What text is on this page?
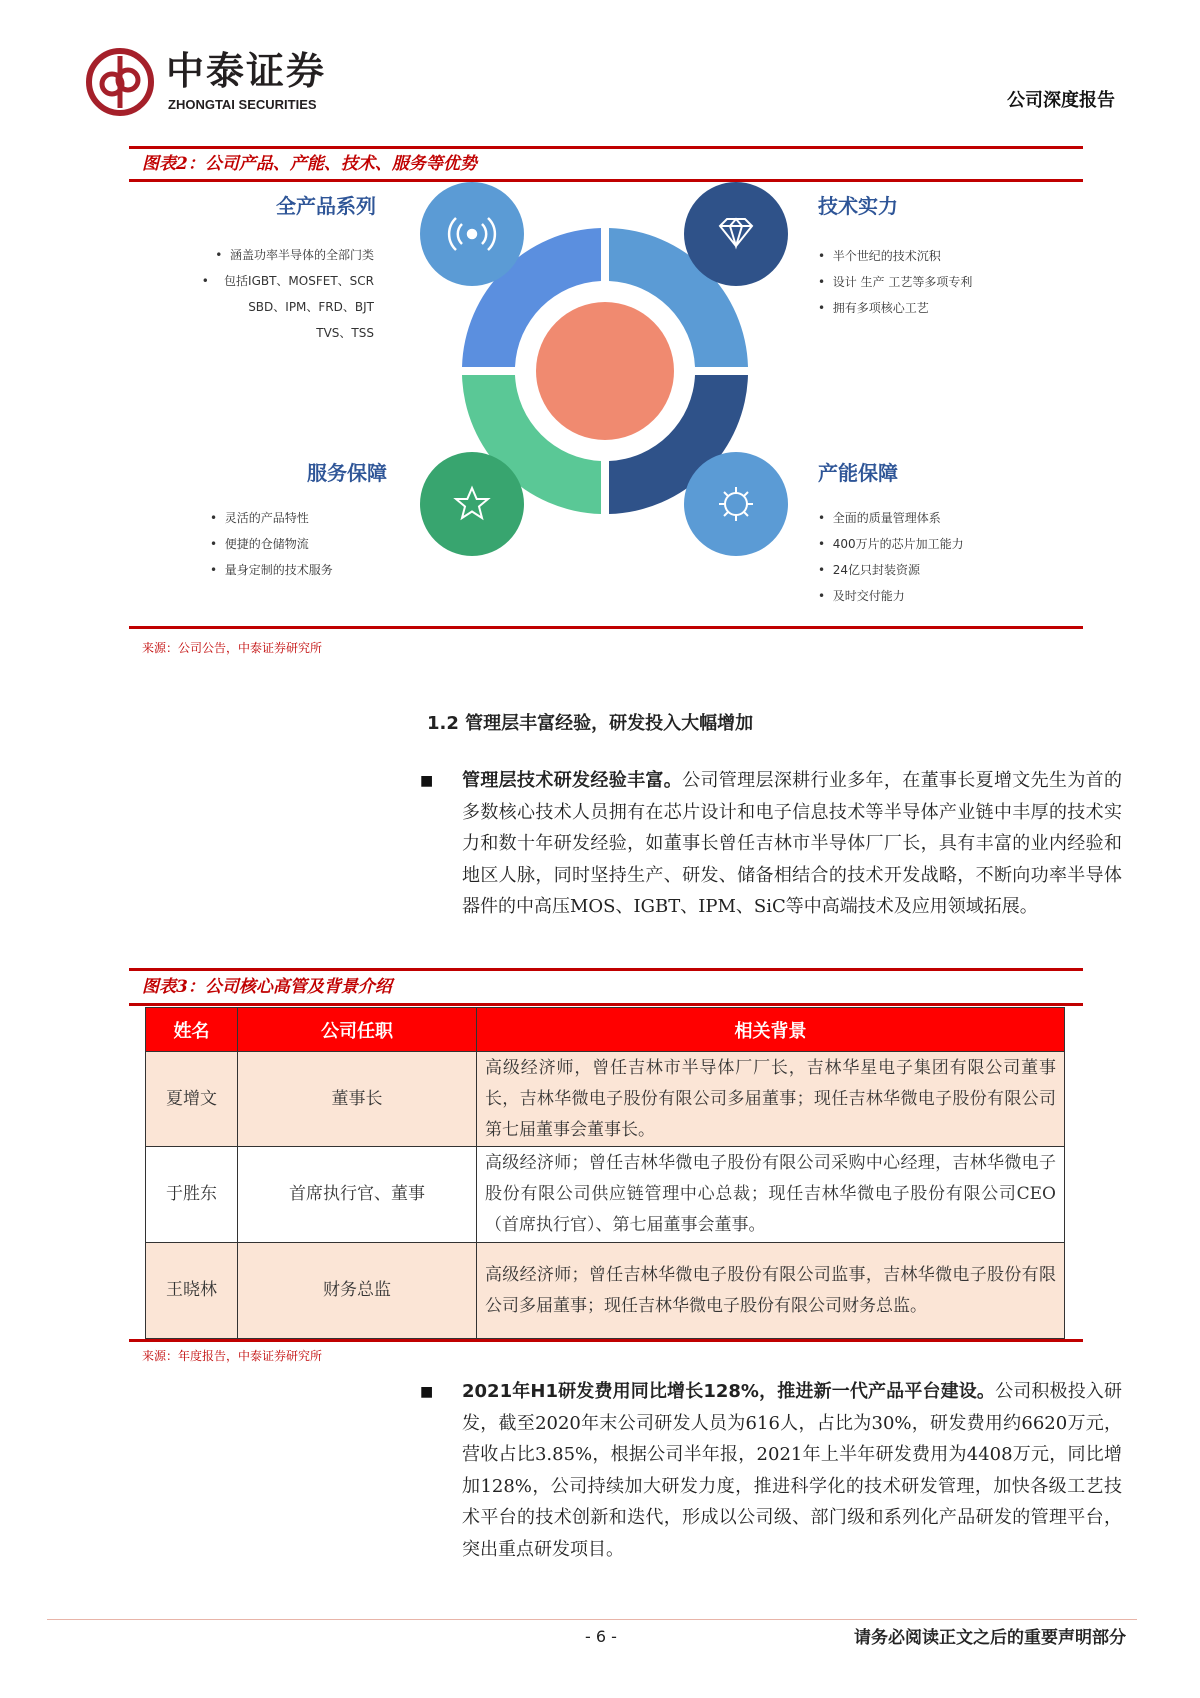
中泰证券
ZHONGTAI SECURITIES	公司深度报告
图表2：公司产品、产能、技术、服务等优势
全产品系列
•  涵盖功率半导体的全部门类
•    包括IGBT、MOSFET、SCR
SBD、IPM、FRD、BJT
TVS、TSS
技术实力
•  半个世纪的技术沉积
•  设计 生产 工艺等多项专利
•  拥有多项核心工艺
服务保障
•  灵活的产品特性
•  便捷的仓储物流
•  量身定制的技术服务
产能保障
•  全面的质量管理体系
•  400万片的芯片加工能力
•  24亿只封装资源
•  及时交付能力
来源：公司公告，中泰证券研究所
1.2 管理层丰富经验，研发投入大幅增加
■ 管理层技术研发经验丰富。公司管理层深耕行业多年，在董事长夏增文先生为首的多数核心技术人员拥有在芯片设计和电子信息技术等半导体产业链中丰厚的技术实力和数十年研发经验，如董事长曾任吉林市半导体厂厂长，具有丰富的业内经验和地区人脉，同时坚持生产、研发、储备相结合的技术开发战略，不断向功率半导体器件的中高压MOS、IGBT、IPM、SiC等中高端技术及应用领域拓展。
图表3：公司核心高管及背景介绍
姓名	公司任职	相关背景
夏增文	董事长	高级经济师，曾任吉林市半导体厂厂长，吉林华星电子集团有限公司董事长，吉林华微电子股份有限公司多届董事；现任吉林华微电子股份有限公司第七届董事会董事长。
于胜东	首席执行官、董事	高级经济师；曾任吉林华微电子股份有限公司采购中心经理，吉林华微电子股份有限公司供应链管理中心总裁；现任吉林华微电子股份有限公司CEO（首席执行官）、第七届董事会董事。
王晓林	财务总监	高级经济师；曾任吉林华微电子股份有限公司监事，吉林华微电子股份有限公司多届董事；现任吉林华微电子股份有限公司财务总监。
来源：年度报告，中泰证券研究所
■ 2021年H1研发费用同比增长128%，推进新一代产品平台建设。公司积极投入研发，截至2020年末公司研发人员为616人，占比为30%，研发费用约6620万元，营收占比3.85%，根据公司半年报，2021年上半年研发费用为4408万元，同比增加128%，公司持续加大研发力度，推进科学化的技术研发管理，加快各级工艺技术平台的技术创新和迭代，形成以公司级、部门级和系列化产品研发的管理平台，突出重点研发项目。
- 6 -	请务必阅读正文之后的重要声明部分
